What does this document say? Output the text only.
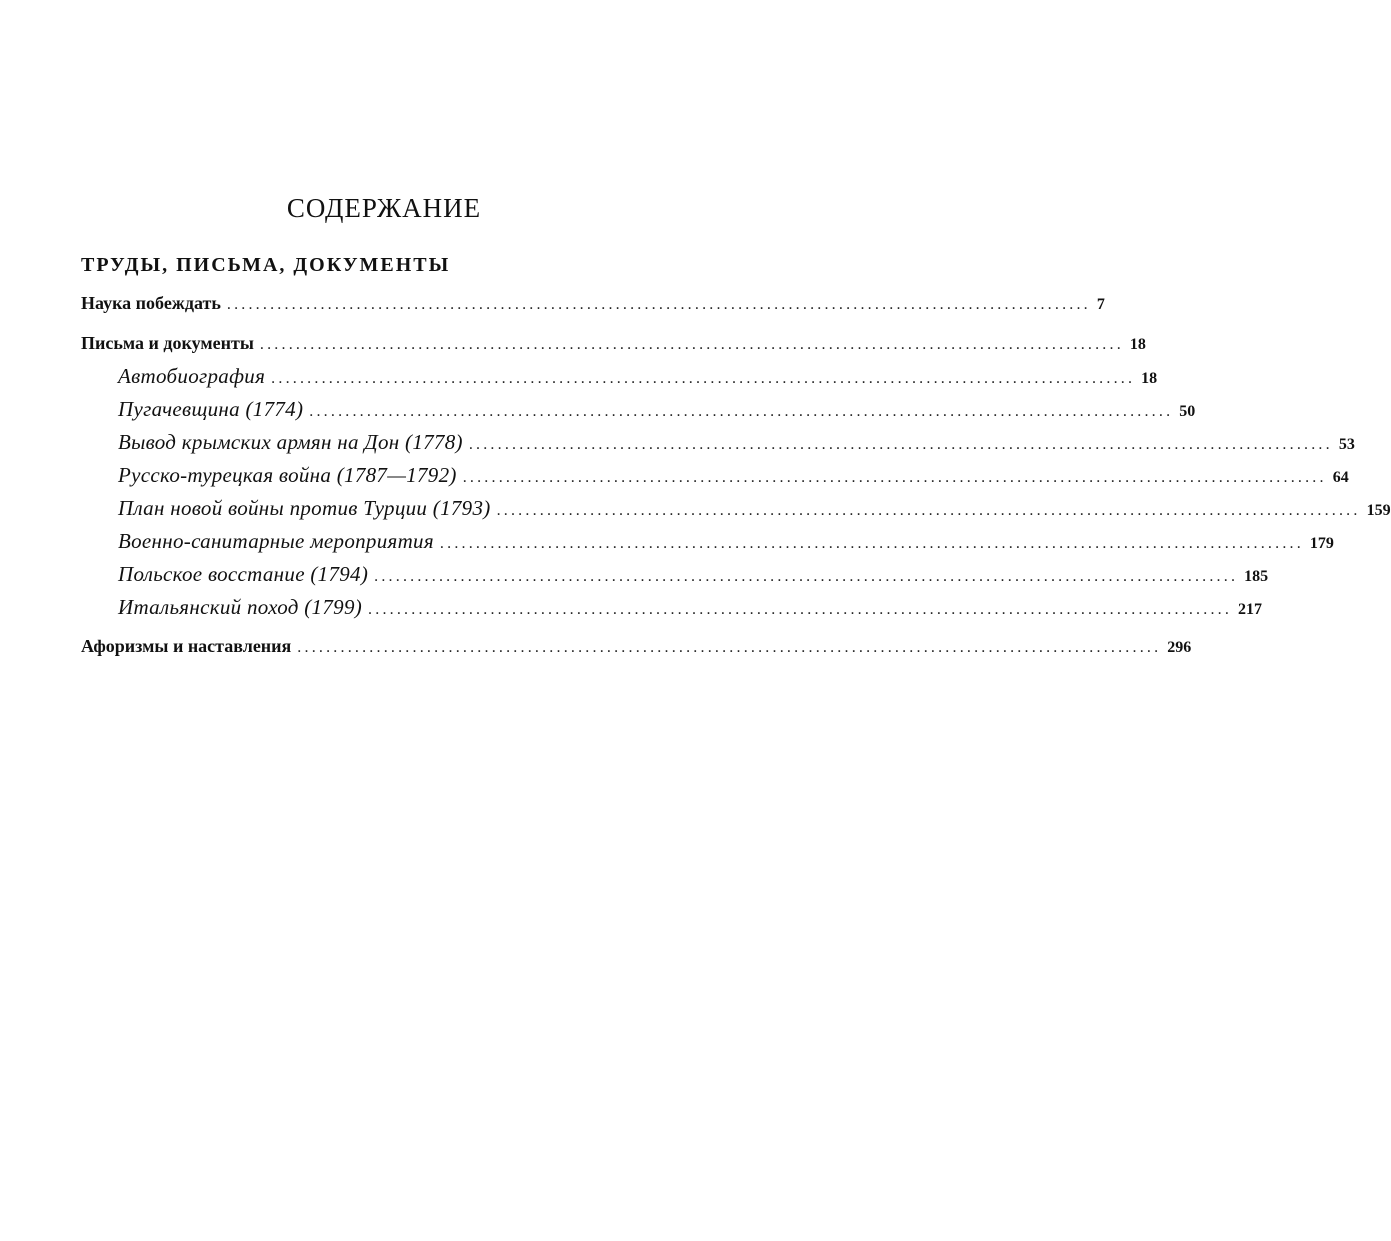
СОДЕРЖАНИЕ
ТРУДЫ, ПИСЬМА, ДОКУМЕНТЫ
Наука побеждать ........................................................................................................................ 7
Письма и документы ........................................................................................................................ 18
Автобиография ........................................................................................................................ 18
Пугачевщина (1774) ........................................................................................................................ 50
Вывод крымских армян на Дон (1778) ........................................................................................................................ 53
Русско-турецкая война (1787—1792) ........................................................................................................................ 64
План новой войны против Турции (1793) ........................................................................................................................ 159
Военно-санитарные мероприятия ........................................................................................................................ 179
Польское восстание (1794) ........................................................................................................................ 185
Итальянский поход (1799) ........................................................................................................................ 217
Афоризмы и наставления ........................................................................................................................ 296
